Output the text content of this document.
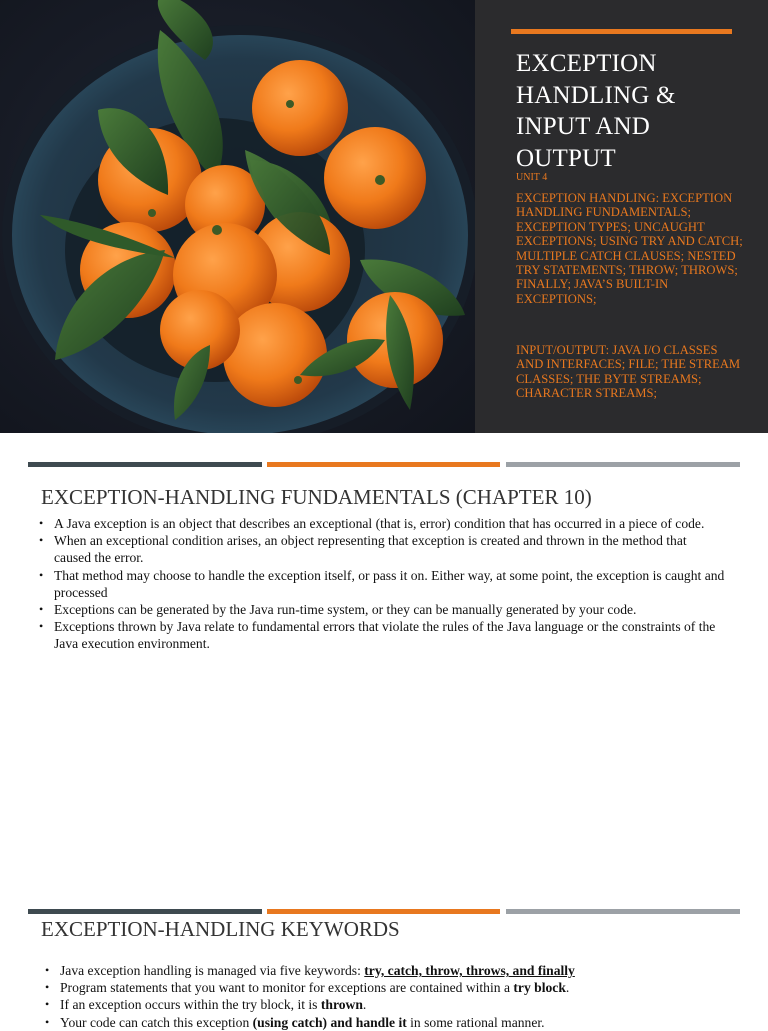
EXCEPTION HANDLING & INPUT AND OUTPUT
UNIT 4

EXCEPTION HANDLING: EXCEPTION HANDLING FUNDAMENTALS; EXCEPTION TYPES; UNCAUGHT EXCEPTIONS; USING TRY AND CATCH; MULTIPLE CATCH CLAUSES; NESTED TRY STATEMENTS; THROW; THROWS; FINALLY; JAVA’S BUILT-IN EXCEPTIONS;

INPUT/OUTPUT: JAVA I/O CLASSES AND INTERFACES; FILE; THE STREAM CLASSES; THE BYTE STREAMS; CHARACTER STREAMS;

EXCEPTION-HANDLING FUNDAMENTALS (CHAPTER 10)
• A Java exception is an object that describes an exceptional (that is, error) condition that has occurred in a piece of code.
• When an exceptional condition arises, an object representing that exception is created and thrown in the method that caused the error.
• That method may choose to handle the exception itself, or pass it on. Either way, at some point, the exception is caught and processed
• Exceptions can be generated by the Java run-time system, or they can be manually generated by your code.
• Exceptions thrown by Java relate to fundamental errors that violate the rules of the Java language or the constraints of the Java execution environment.
EXCEPTION-HANDLING KEYWORDS
• Java exception handling is managed via five keywords: try, catch, throw, throws, and finally
• Program statements that you want to monitor for exceptions are contained within a try block.
• If an exception occurs within the try block, it is thrown.
• Your code can catch this exception (using catch) and handle it in some rational manner.
